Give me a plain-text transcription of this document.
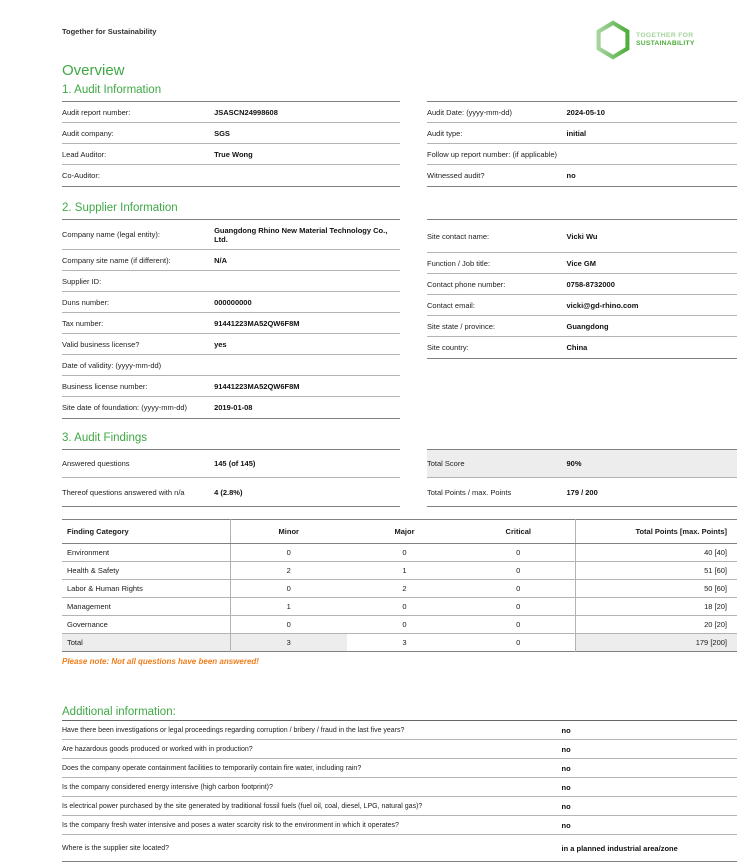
Together for Sustainability	TOGETHER FOR
SUSTAINABILITY
Overview
1. Audit Information
Audit report number:	JSASCN24998608
Audit company:	SGS
Lead Auditor:	True Wong
Co-Auditor:
Audit Date: (yyyy-mm-dd)	2024-05-10
Audit type:	initial
Follow up report number: (if applicable)
Witnessed audit?	no
2. Supplier Information
Company name (legal entity):	Guangdong Rhino New Material Technology Co., Ltd.
Company site name (if different):	N/A
Supplier ID:
Duns number:	000000000
Tax number:	91441223MA52QW6F8M
Valid business license?	yes
Date of validity: (yyyy-mm-dd)
Business license number:	91441223MA52QW6F8M
Site date of foundation: (yyyy-mm-dd)	2019-01-08
Site contact name:	Vicki Wu
Function / Job title:	Vice GM
Contact phone number:	0758-8732000
Contact email:	vicki@gd-rhino.com
Site state / province:	Guangdong
Site country:	China
3. Audit Findings
Answered questions	145 (of 145)
Thereof questions answered with n/a	4 (2.8%)
Total Score	90%
Total Points / max. Points	179 / 200
Finding Category	Minor	Major	Critical	Total Points [max. Points]
Environment	0	0	0	40 [40]
Health & Safety	2	1	0	51 [60]
Labor & Human Rights	0	2	0	50 [60]
Management	1	0	0	18 [20]
Governance	0	0	0	20 [20]
Total	3	3	0	179 [200]
Please note: Not all questions have been answered!
Additional information:
Have there been investigations or legal proceedings regarding corruption / bribery / fraud in the last five years?	no
Are hazardous goods produced or worked with in production?	no
Does the company operate containment facilities to temporarily contain fire water, including rain?	no
Is the company considered energy intensive (high carbon footprint)?	no
Is electrical power purchased by the site generated by traditional fossil fuels (fuel oil, coal, diesel, LPG, natural gas)?	no
Is the company fresh water intensive and poses a water scarcity risk to the environment in which it operates?	no
Where is the supplier site located?	in a planned industrial area/zone
